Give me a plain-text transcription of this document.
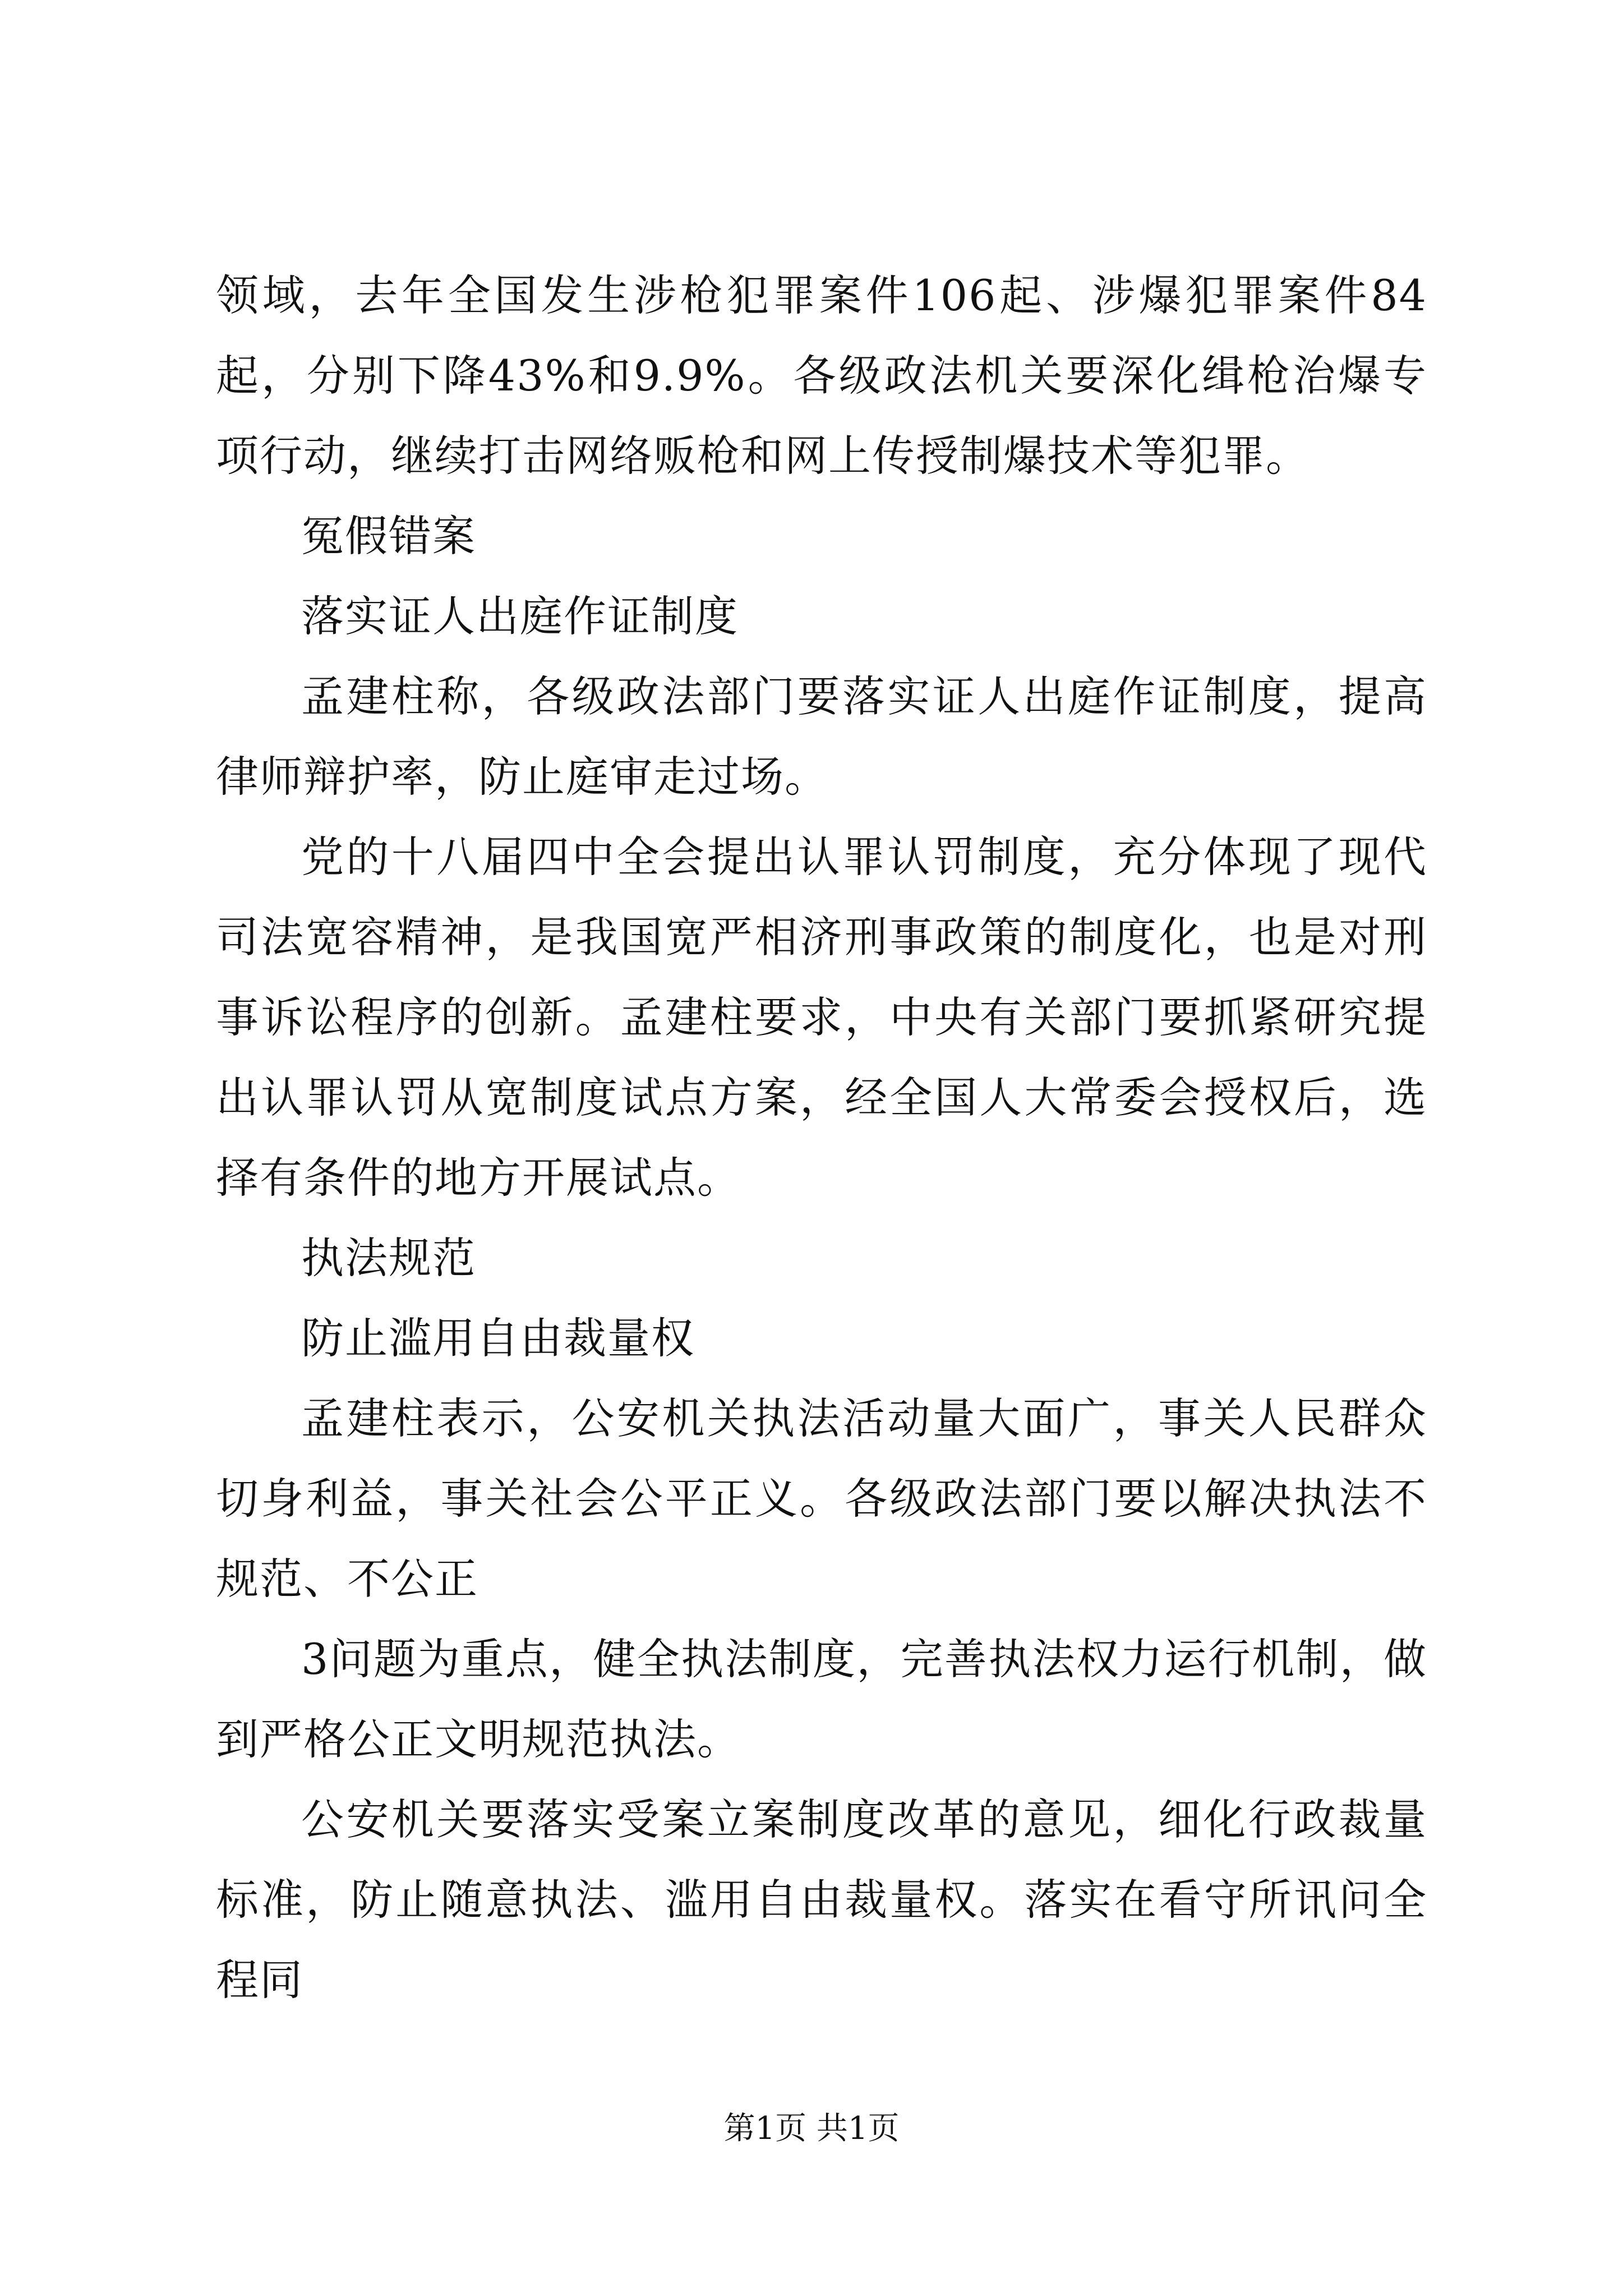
领域，去年全国发生涉枪犯罪案件106起、涉爆犯罪案件84起，分别下降43%和9.9%。各级政法机关要深化缉枪治爆专项行动，继续打击网络贩枪和网上传授制爆技术等犯罪。

冤假错案

落实证人出庭作证制度

孟建柱称，各级政法部门要落实证人出庭作证制度，提高律师辩护率，防止庭审走过场。

党的十八届四中全会提出认罪认罚制度，充分体现了现代司法宽容精神，是我国宽严相济刑事政策的制度化，也是对刑事诉讼程序的创新。孟建柱要求，中央有关部门要抓紧研究提出认罪认罚从宽制度试点方案，经全国人大常委会授权后，选择有条件的地方开展试点。

执法规范

防止滥用自由裁量权

孟建柱表示，公安机关执法活动量大面广，事关人民群众切身利益，事关社会公平正义。各级政法部门要以解决执法不规范、不公正

3问题为重点，健全执法制度，完善执法权力运行机制，做到严格公正文明规范执法。

公安机关要落实受案立案制度改革的意见，细化行政裁量标准，防止随意执法、滥用自由裁量权。落实在看守所讯问全程同

第1页 共1页
